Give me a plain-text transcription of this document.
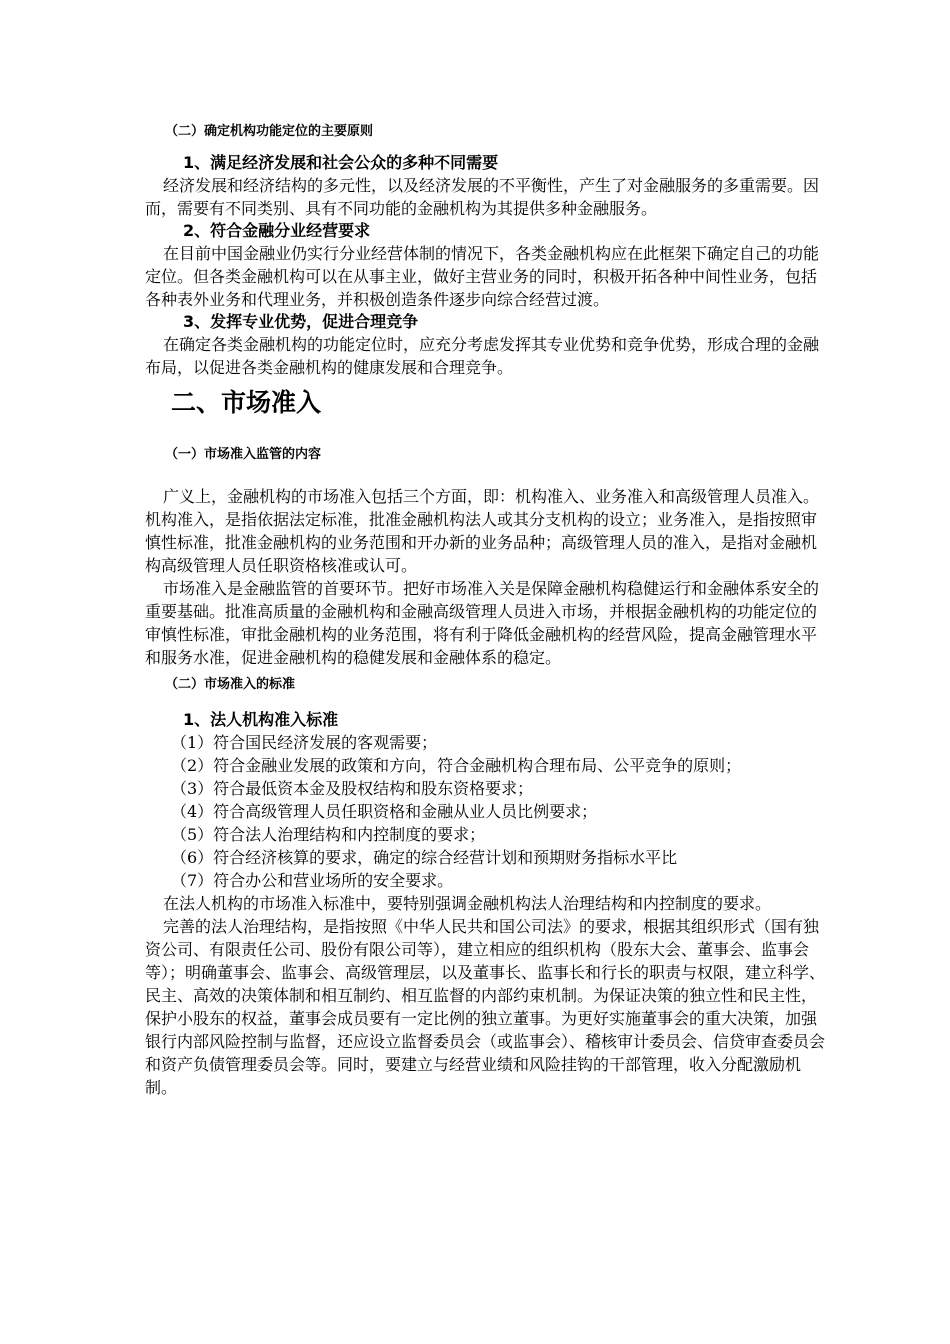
（二）确定机构功能定位的主要原则
1、满足经济发展和社会公众的多种不同需要

经济发展和经济结构的多元性，以及经济发展的不平衡性，产生了对金融服务的多重需要。因而，需要有不同类别、具有不同功能的金融机构为其提供多种金融服务。

2、符合金融分业经营要求

在目前中国金融业仍实行分业经营体制的情况下，各类金融机构应在此框架下确定自己的功能定位。但各类金融机构可以在从事主业，做好主营业务的同时，积极开拓各种中间性业务，包括各种表外业务和代理业务，并积极创造条件逐步向综合经营过渡。

3、发挥专业优势，促进合理竞争

在确定各类金融机构的功能定位时，应充分考虑发挥其专业优势和竞争优势，形成合理的金融布局，以促进各类金融机构的健康发展和合理竞争。

二、市场准入
（一）市场准入监管的内容

广义上，金融机构的市场准入包括三个方面，即：机构准入、业务准入和高级管理人员准入。机构准入，是指依据法定标准，批准金融机构法人或其分支机构的设立；业务准入，是指按照审慎性标准，批准金融机构的业务范围和开办新的业务品种；高级管理人员的准入，是指对金融机构高级管理人员任职资格核准或认可。

市场准入是金融监管的首要环节。把好市场准入关是保障金融机构稳健运行和金融体系安全的重要基础。批准高质量的金融机构和金融高级管理人员进入市场，并根据金融机构的功能定位的审慎性标准，审批金融机构的业务范围，将有利于降低金融机构的经营风险，提高金融管理水平和服务水准，促进金融机构的稳健发展和金融体系的稳定。

（二）市场准入的标准
1、法人机构准入标准

（1）符合国民经济发展的客观需要；

（2）符合金融业发展的政策和方向，符合金融机构合理布局、公平竞争的原则；

（3）符合最低资本金及股权结构和股东资格要求；

（4）符合高级管理人员任职资格和金融从业人员比例要求；

（5）符合法人治理结构和内控制度的要求；

（6）符合经济核算的要求，确定的综合经营计划和预期财务指标水平比

（7）符合办公和营业场所的安全要求。

在法人机构的市场准入标准中，要特别强调金融机构法人治理结构和内控制度的要求。

完善的法人治理结构，是指按照《中华人民共和国公司法》的要求，根据其组织形式（国有独资公司、有限责任公司、股份有限公司等），建立相应的组织机构（股东大会、董事会、监事会等）；明确董事会、监事会、高级管理层，以及董事长、监事长和行长的职责与权限，建立科学、民主、高效的决策体制和相互制约、相互监督的内部约束机制。为保证决策的独立性和民主性，保护小股东的权益，董事会成员要有一定比例的独立董事。为更好实施董事会的重大决策，加强银行内部风险控制与监督，还应设立监督委员会（或监事会）、稽核审计委员会、信贷审查委员会和资产负债管理委员会等。同时，要建立与经营业绩和风险挂钩的干部管理，收入分配激励机制。
